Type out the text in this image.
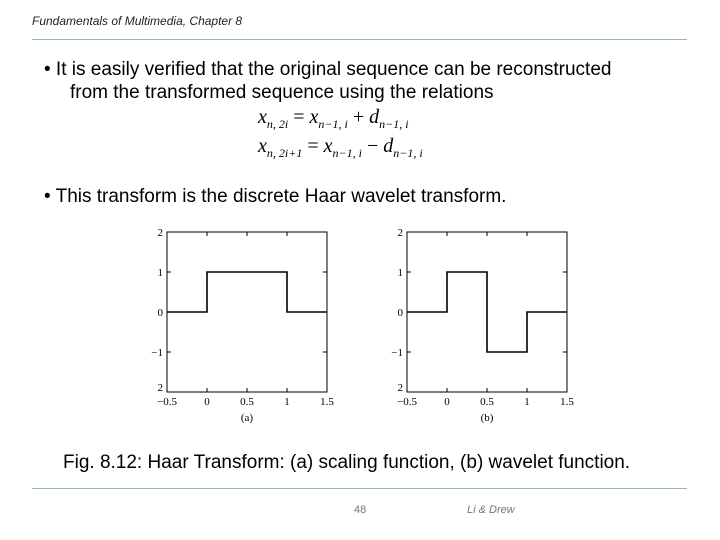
Fundamentals of Multimedia, Chapter 8
• It is easily verified that the original sequence can be reconstructed
from the transformed sequence using the relations
$x_{n, 2i} = x_{n-1, i} + d_{n-1, i}$
$x_{n, 2i+1} = x_{n-1, i} - d_{n-1, i}$
• This transform is the discrete Haar wavelet transform.
−0.5 0	0.5	1	1.5
2
1
0
−1
2
(a)
−0.5 0	0.5	1	1.5
2
1
0
−1
2
(b)
Fig. 8.12: Haar Transform: (a) scaling function, (b) wavelet function.
48	Li & Drew
